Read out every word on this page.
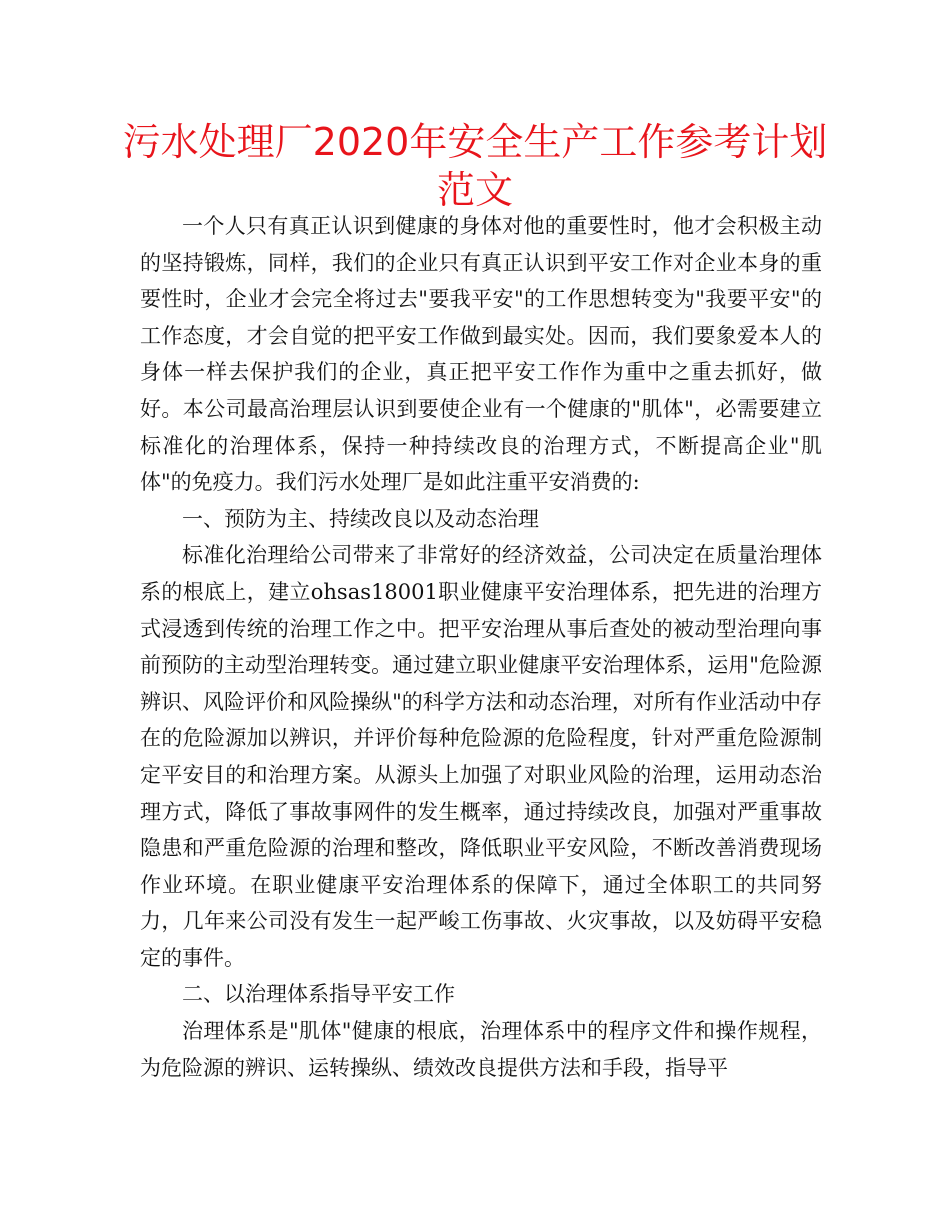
污水处理厂2020年安全生产工作参考计划范文

一个人只有真正认识到健康的身体对他的重要性时，他才会积极主动的坚持锻炼，同样，我们的企业只有真正认识到平安工作对企业本身的重要性时，企业才会完全将过去"要我平安"的工作思想转变为"我要平安"的工作态度，才会自觉的把平安工作做到最实处。因而，我们要象爱本人的身体一样去保护我们的企业，真正把平安工作作为重中之重去抓好，做好。本公司最高治理层认识到要使企业有一个健康的"肌体"，必需要建立标准化的治理体系，保持一种持续改良的治理方式，不断提高企业"肌体"的免疫力。我们污水处理厂是如此注重平安消费的:

一、预防为主、持续改良以及动态治理

标准化治理给公司带来了非常好的经济效益，公司决定在质量治理体系的根底上，建立ohsas18001职业健康平安治理体系，把先进的治理方式浸透到传统的治理工作之中。把平安治理从事后查处的被动型治理向事前预防的主动型治理转变。通过建立职业健康平安治理体系，运用"危险源辨识、风险评价和风险操纵"的科学方法和动态治理，对所有作业活动中存在的危险源加以辨识，并评价每种危险源的危险程度，针对严重危险源制定平安目的和治理方案。从源头上加强了对职业风险的治理，运用动态治理方式，降低了事故事网件的发生概率，通过持续改良，加强对严重事故隐患和严重危险源的治理和整改，降低职业平安风险，不断改善消费现场作业环境。在职业健康平安治理体系的保障下，通过全体职工的共同努力，几年来公司没有发生一起严峻工伤事故、火灾事故，以及妨碍平安稳定的事件。

二、以治理体系指导平安工作

治理体系是"肌体"健康的根底，治理体系中的程序文件和操作规程，为危险源的辨识、运转操纵、绩效改良提供方法和手段，指导平
